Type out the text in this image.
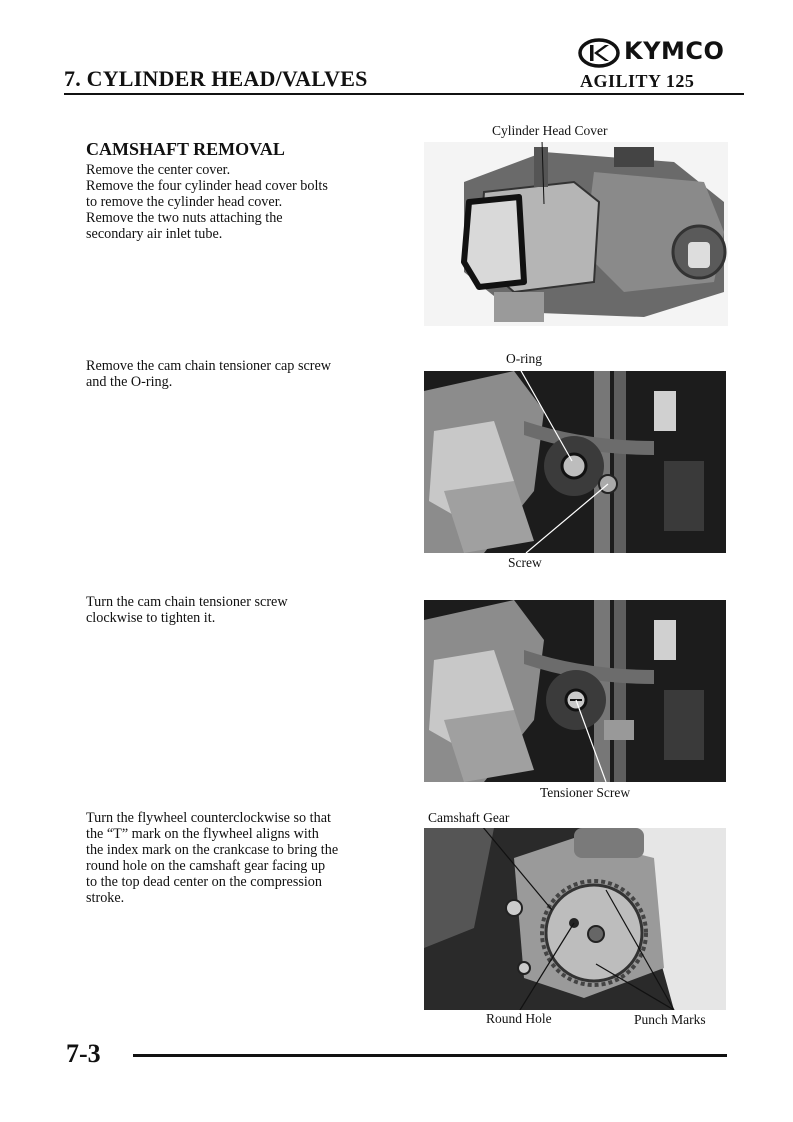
7. CYLINDER HEAD/VALVES
KYMCO
AGILITY 125
CAMSHAFT REMOVAL
Remove the center cover.
Remove the four cylinder head cover bolts
to remove the cylinder head cover.
Remove the two nuts attaching the
secondary air inlet tube.
Cylinder Head Cover
Remove the cam chain tensioner cap screw
and the O-ring.
O-ring
Screw
Turn the cam chain tensioner screw
clockwise to tighten it.
Tensioner Screw
Turn the flywheel counterclockwise so that
the “T” mark on the flywheel aligns with
the index mark on the crankcase to bring the
round hole on the camshaft gear facing up
to the top dead center on the compression
stroke.
Camshaft Gear
Round Hole	Punch Marks
7-3
